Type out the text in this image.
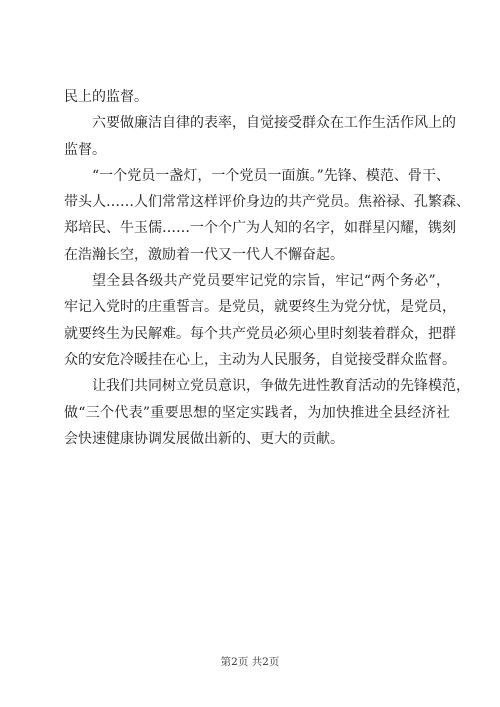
民上的监督。

六要做廉洁自律的表率，自觉接受群众在工作生活作风上的

监督。

“一个党员一盏灯，一个党员一面旗。”先锋、模范、骨干、

带头人……人们常常这样评价身边的共产党员。焦裕禄、孔繁森、

郑培民、牛玉儒……一个个广为人知的名字，如群星闪耀，镌刻

在浩瀚长空，激励着一代又一代人不懈奋起。

望全县各级共产党员要牢记党的宗旨，牢记“两个务必”，

牢记入党时的庄重誓言。是党员，就要终生为党分忧，是党员，

就要终生为民解难。每个共产党员必须心里时刻装着群众，把群

众的安危冷暖挂在心上，主动为人民服务，自觉接受群众监督。

让我们共同树立党员意识，争做先进性教育活动的先锋模范，

做“三个代表”重要思想的坚定实践者，为加快推进全县经济社

会快速健康协调发展做出新的、更大的贡献。

第2页 共2页
